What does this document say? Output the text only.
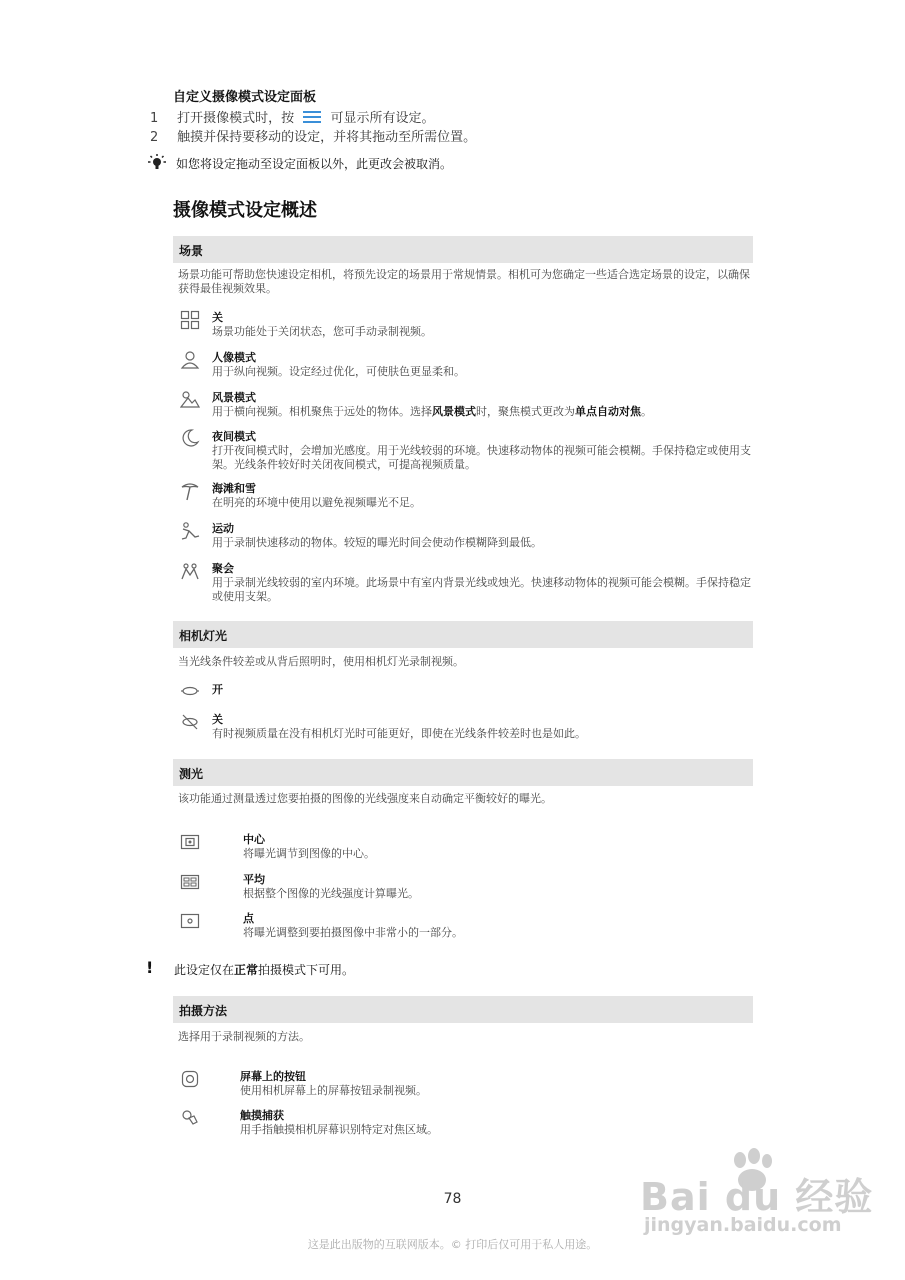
自定义摄像模式设定面板
1 打开摄像模式时，按	可显示所有设定。
2 触摸并保持要移动的设定，并将其拖动至所需位置。
如您将设定拖动至设定面板以外，此更改会被取消。
摄像模式设定概述
场景
场景功能可帮助您快速设定相机，将预先设定的场景用于常规情景。相机可为您确定一些适合选定场景的设定，以确保获得最佳视频效果。
关
场景功能处于关闭状态，您可手动录制视频。
人像模式
用于纵向视频。设定经过优化，可使肤色更显柔和。
风景模式
用于横向视频。相机聚焦于远处的物体。选择风景模式时，聚焦模式更改为单点自动对焦。
夜间模式
打开夜间模式时，会增加光感度。用于光线较弱的环境。快速移动物体的视频可能会模糊。手保持稳定或使用支架。光线条件较好时关闭夜间模式，可提高视频质量。
海滩和雪
在明亮的环境中使用以避免视频曝光不足。
运动
用于录制快速移动的物体。较短的曝光时间会使动作模糊降到最低。
聚会
用于录制光线较弱的室内环境。此场景中有室内背景光线或烛光。快速移动物体的视频可能会模糊。手保持稳定或使用支架。
相机灯光
当光线条件较差或从背后照明时，使用相机灯光录制视频。
开
关
有时视频质量在没有相机灯光时可能更好，即使在光线条件较差时也是如此。
测光
该功能通过测量透过您要拍摄的图像的光线强度来自动确定平衡较好的曝光。
中心
将曝光调节到图像的中心。
平均
根据整个图像的光线强度计算曝光。
点
将曝光调整到要拍摄图像中非常小的一部分。
! 此设定仅在正常拍摄模式下可用。
拍摄方法
选择用于录制视频的方法。
屏幕上的按钮
使用相机屏幕上的屏幕按钮录制视频。
触摸捕获
用手指触摸相机屏幕识别特定对焦区域。
Bai du 经验
jingyan.baidu.com
78
这是此出版物的互联网版本。© 打印后仅可用于私人用途。
